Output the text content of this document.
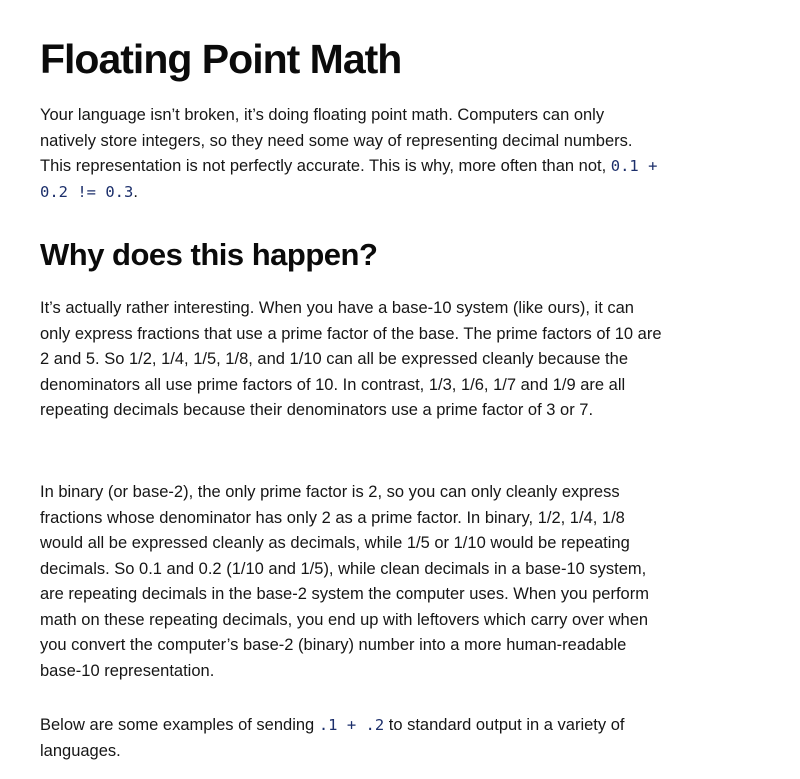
Floating Point Math

Your language isn’t broken, it’s doing floating point math. Computers can only natively store integers, so they need some way of representing decimal numbers. This representation is not perfectly accurate. This is why, more often than not, 0.1 + 0.2 != 0.3.

Why does this happen?

It’s actually rather interesting. When you have a base-10 system (like ours), it can only express fractions that use a prime factor of the base. The prime factors of 10 are 2 and 5. So 1/2, 1/4, 1/5, 1/8, and 1/10 can all be expressed cleanly because the denominators all use prime factors of 10. In contrast, 1/3, 1/6, 1/7 and 1/9 are all repeating decimals because their denominators use a prime factor of 3 or 7.

In binary (or base-2), the only prime factor is 2, so you can only cleanly express fractions whose denominator has only 2 as a prime factor. In binary, 1/2, 1/4, 1/8 would all be expressed cleanly as decimals, while 1/5 or 1/10 would be repeating decimals. So 0.1 and 0.2 (1/10 and 1/5), while clean decimals in a base-10 system, are repeating decimals in the base-2 system the computer uses. When you perform math on these repeating decimals, you end up with leftovers which carry over when you convert the computer’s base-2 (binary) number into a more human-readable base-10 representation.

Below are some examples of sending .1 + .2 to standard output in a variety of languages.
